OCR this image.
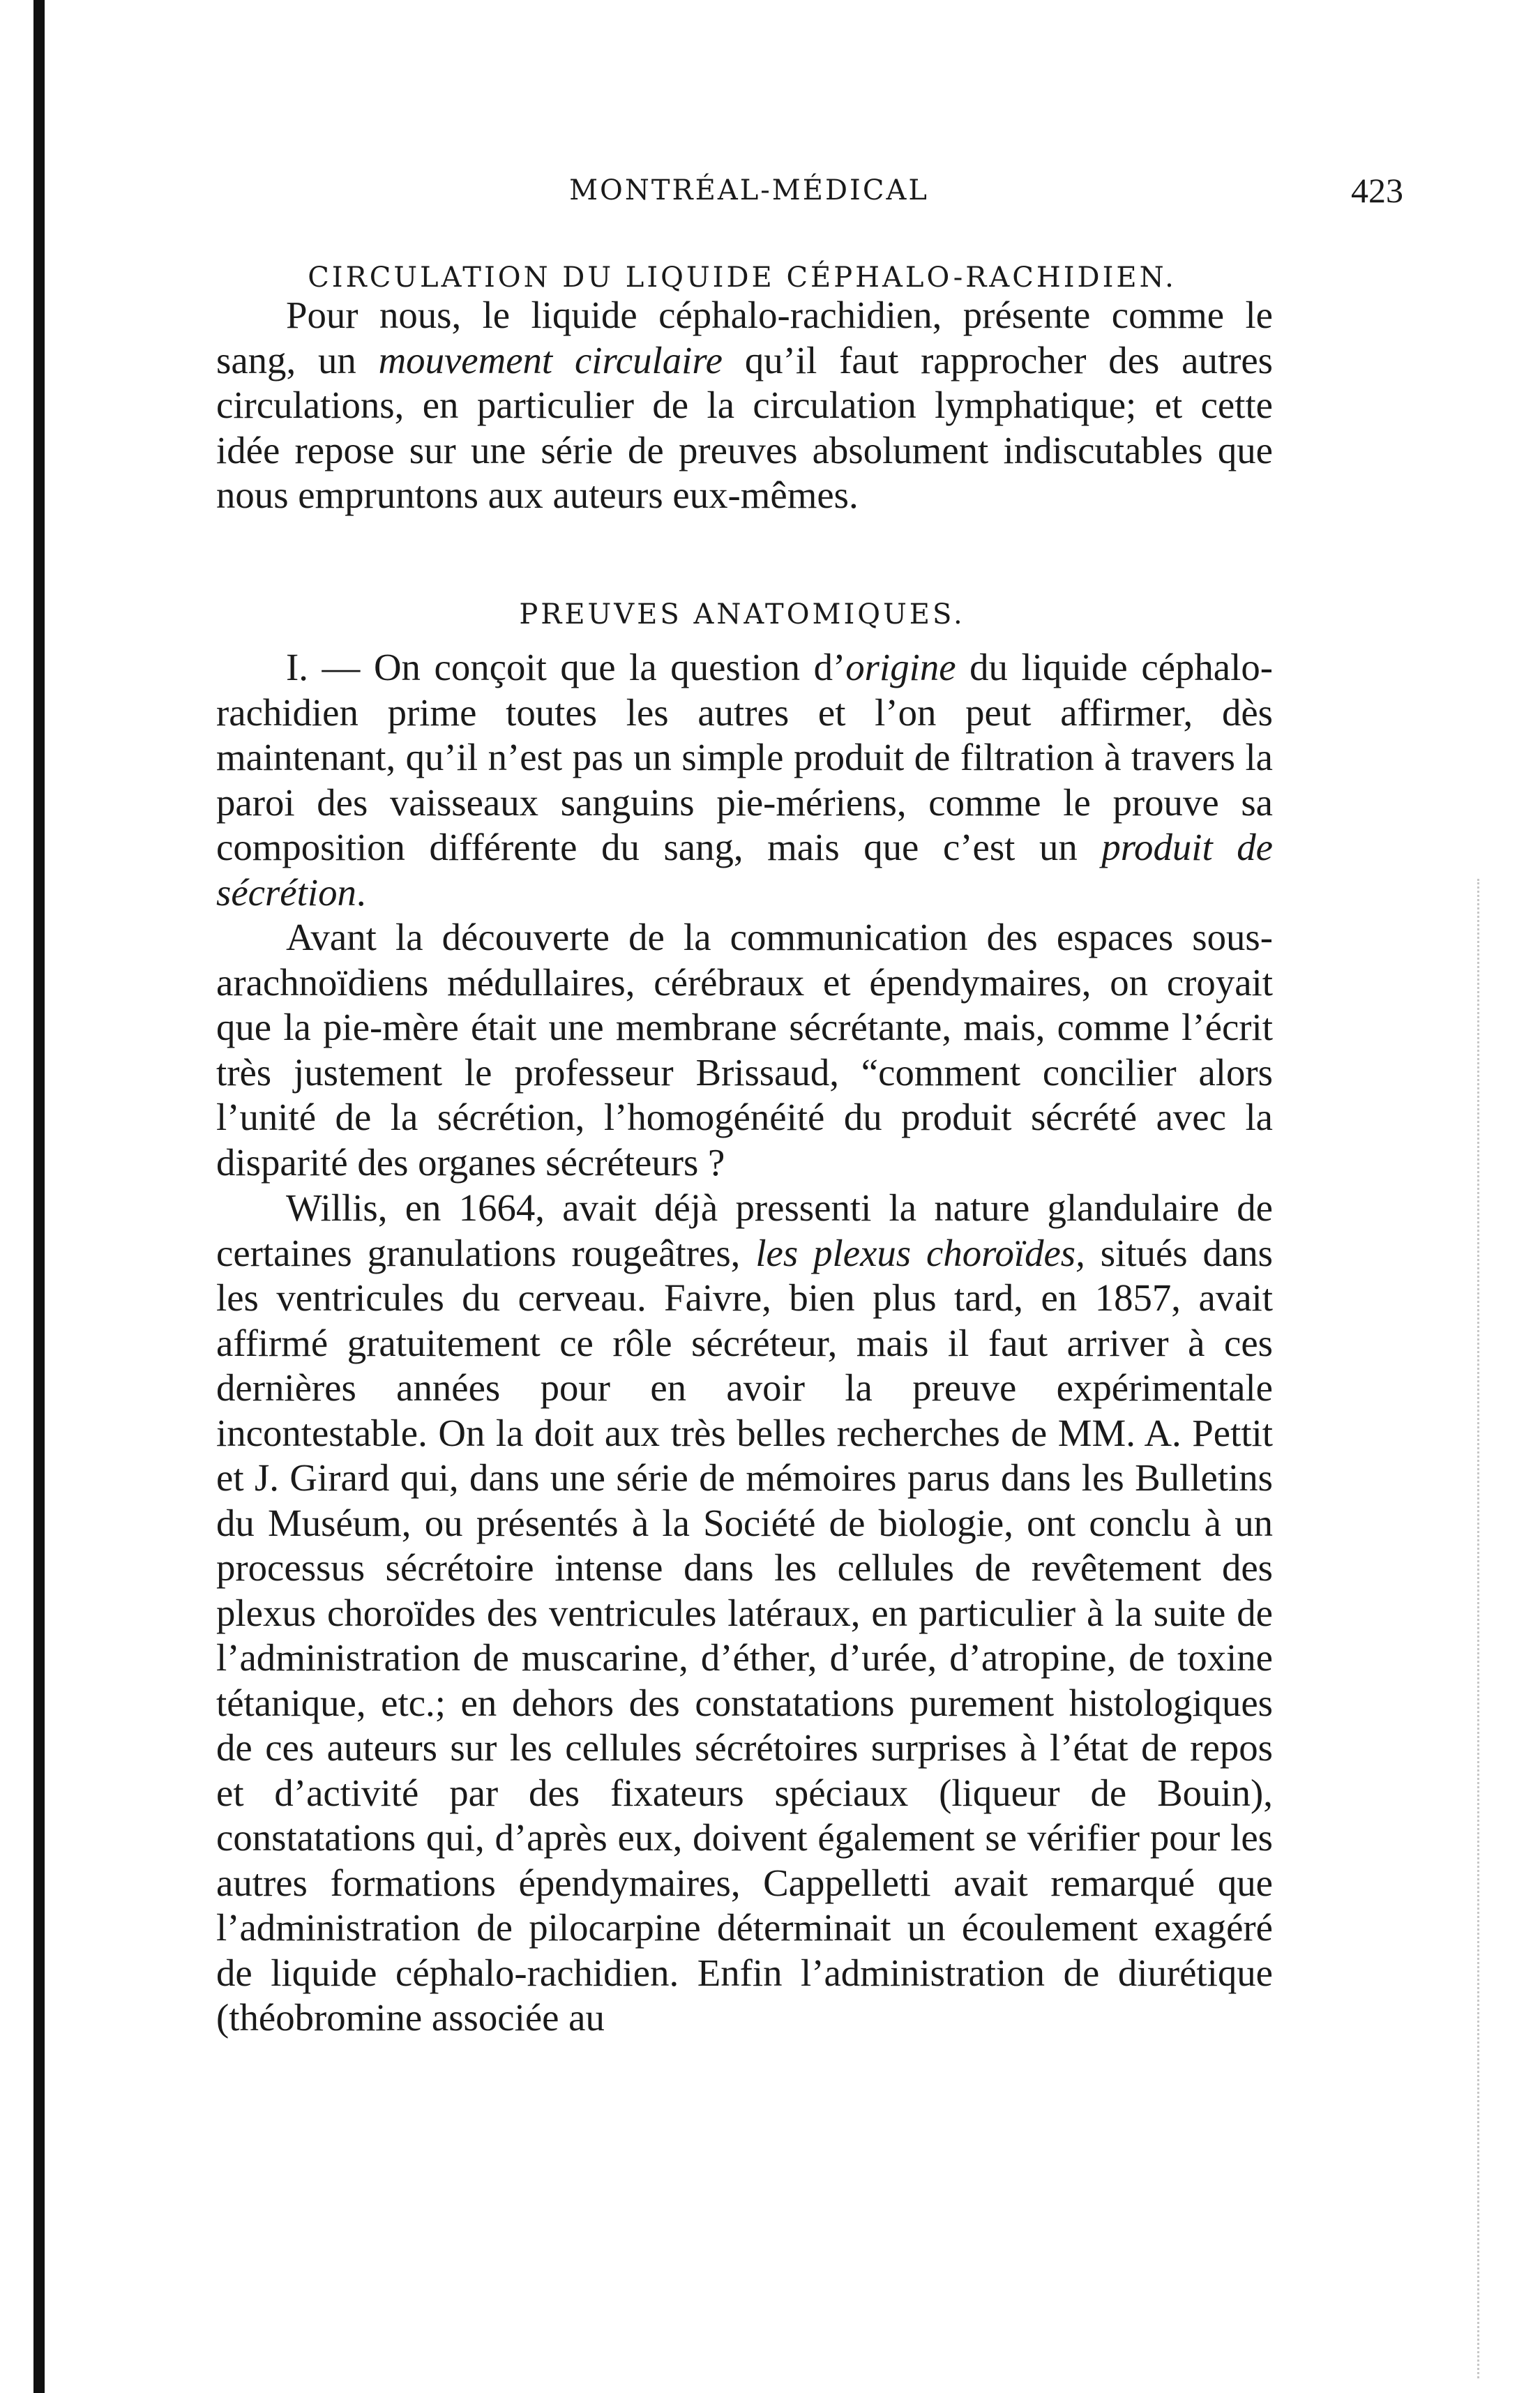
MONTRÉAL-MÉDICAL	423
CIRCULATION DU LIQUIDE CÉPHALO-RACHIDIEN.

Pour nous, le liquide céphalo-rachidien, présente comme le sang, un mouvement circulaire qu’il faut rapprocher des autres circulations, en particulier de la circulation lymphatique; et cette idée repose sur une série de preuves absolument indiscutables que nous empruntons aux auteurs eux-mêmes.

PREUVES ANATOMIQUES.

I. — On conçoit que la question d’origine du liquide céphalo-rachidien prime toutes les autres et l’on peut affirmer, dès maintenant, qu’il n’est pas un simple produit de filtration à travers la paroi des vaisseaux sanguins pie-mériens, comme le prouve sa composition différente du sang, mais que c’est un produit de sécrétion.

Avant la découverte de la communication des espaces sous-arachnoïdiens médullaires, cérébraux et épendymaires, on croyait que la pie-mère était une membrane sécrétante, mais, comme l’écrit très justement le professeur Brissaud, “comment concilier alors l’unité de la sécrétion, l’homogénéité du produit sécrété avec la disparité des organes sécréteurs ?

Willis, en 1664, avait déjà pressenti la nature glandulaire de certaines granulations rougeâtres, les plexus choroïdes, situés dans les ventricules du cerveau. Faivre, bien plus tard, en 1857, avait affirmé gratuitement ce rôle sécréteur, mais il faut arriver à ces dernières années pour en avoir la preuve expérimentale incontestable. On la doit aux très belles recherches de MM. A. Pettit et J. Girard qui, dans une série de mémoires parus dans les Bulletins du Muséum, ou présentés à la Société de biologie, ont conclu à un processus sécrétoire intense dans les cellules de revêtement des plexus choroïdes des ventricules latéraux, en particulier à la suite de l’administration de muscarine, d’éther, d’urée, d’atropine, de toxine tétanique, etc.; en dehors des constatations purement histologiques de ces auteurs sur les cellules sécrétoires surprises à l’état de repos et d’activité par des fixateurs spéciaux (liqueur de Bouin), constatations qui, d’après eux, doivent également se vérifier pour les autres formations épendymaires, Cappelletti avait remarqué que l’administration de pilocarpine déterminait un écoulement exagéré de liquide céphalo-rachidien. Enfin l’administration de diurétique (théobromine associée au
